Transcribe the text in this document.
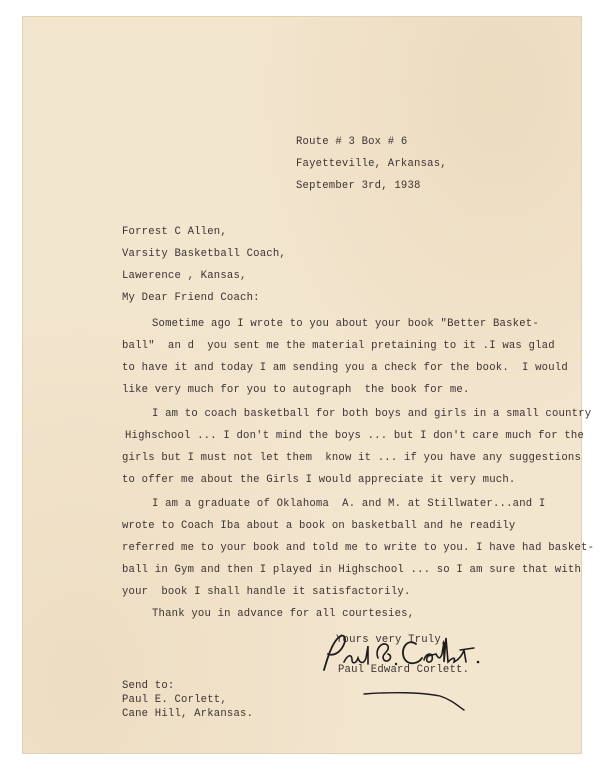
Route # 3 Box # 6
Fayetteville, Arkansas,
September 3rd, 1938
Forrest C Allen,
Varsity Basketball Coach,
Lawerence , Kansas,
My Dear Friend Coach:
Sometime ago I wrote to you about your book "Better Basket-
ball"  an d  you sent me the material pretaining to it .I was glad
to have it and today I am sending you a check for the book.  I would
like very much for you to autograph  the book for me.
I am to coach basketball for both boys and girls in a small country
Highschool ... I don't mind the boys ... but I don't care much for the
girls but I must not let them  know it ... if you have any suggestions
to offer me about the Girls I would appreciate it very much.
I am a graduate of Oklahoma  A. and M. at Stillwater...and I
wrote to Coach Iba about a book on basketball and he readily
referred me to your book and told me to write to you. I have had basket-
ball in Gym and then I played in Highschool ... so I am sure that with
your  book I shall handle it satisfactorily.
Thank you in advance for all courtesies,
Yours very Truly,
Paul Edward Corlett.
Send to:
Paul E. Corlett,
Cane Hill, Arkansas.
